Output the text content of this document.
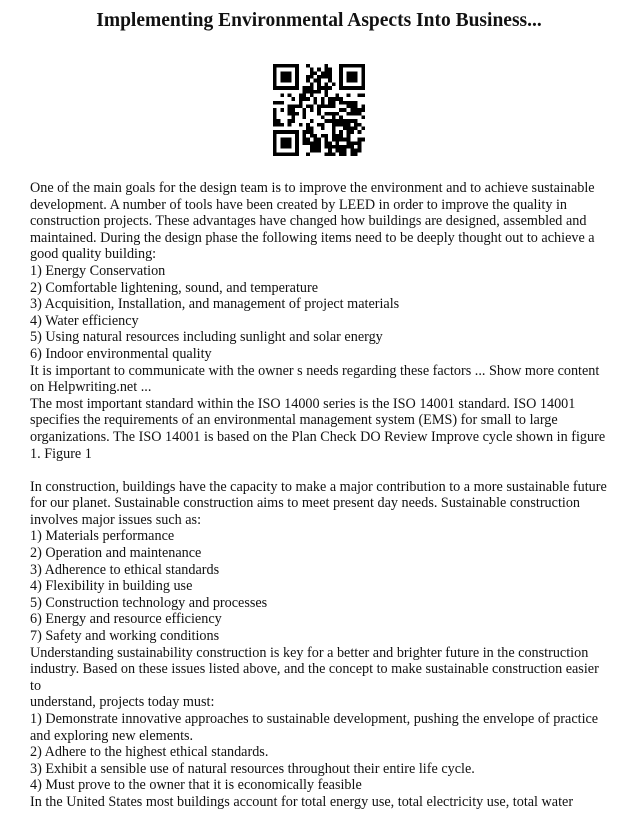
Implementing Environmental Aspects Into Business...

One of the main goals for the design team is to improve the environment and to achieve sustainable

development. A number of tools have been created by LEED in order to improve the quality in

construction projects. These advantages have changed how buildings are designed, assembled and

maintained. During the design phase the following items need to be deeply thought out to achieve a

good quality building:

1) Energy Conservation

2) Comfortable lightening, sound, and temperature

3) Acquisition, Installation, and management of project materials

4) Water efficiency

5) Using natural resources including sunlight and solar energy

6) Indoor environmental quality

It is important to communicate with the owner s needs regarding these factors ... Show more content

on Helpwriting.net ...

The most important standard within the ISO 14000 series is the ISO 14001 standard. ISO 14001

specifies the requirements of an environmental management system (EMS) for small to large

organizations. The ISO 14001 is based on the Plan Check DO Review Improve cycle shown in figure

1. Figure 1

In construction, buildings have the capacity to make a major contribution to a more sustainable future

for our planet. Sustainable construction aims to meet present day needs. Sustainable construction

involves major issues such as:

1) Materials performance

2) Operation and maintenance

3) Adherence to ethical standards

4) Flexibility in building use

5) Construction technology and processes

6) Energy and resource efficiency

7) Safety and working conditions

Understanding sustainability construction is key for a better and brighter future in the construction

industry. Based on these issues listed above, and the concept to make sustainable construction easier to

understand, projects today must:

1) Demonstrate innovative approaches to sustainable development, pushing the envelope of practice

and exploring new elements.

2) Adhere to the highest ethical standards.

3) Exhibit a sensible use of natural resources throughout their entire life cycle.

4) Must prove to the owner that it is economically feasible

In the United States most buildings account for total energy use, total electricity use, total water
